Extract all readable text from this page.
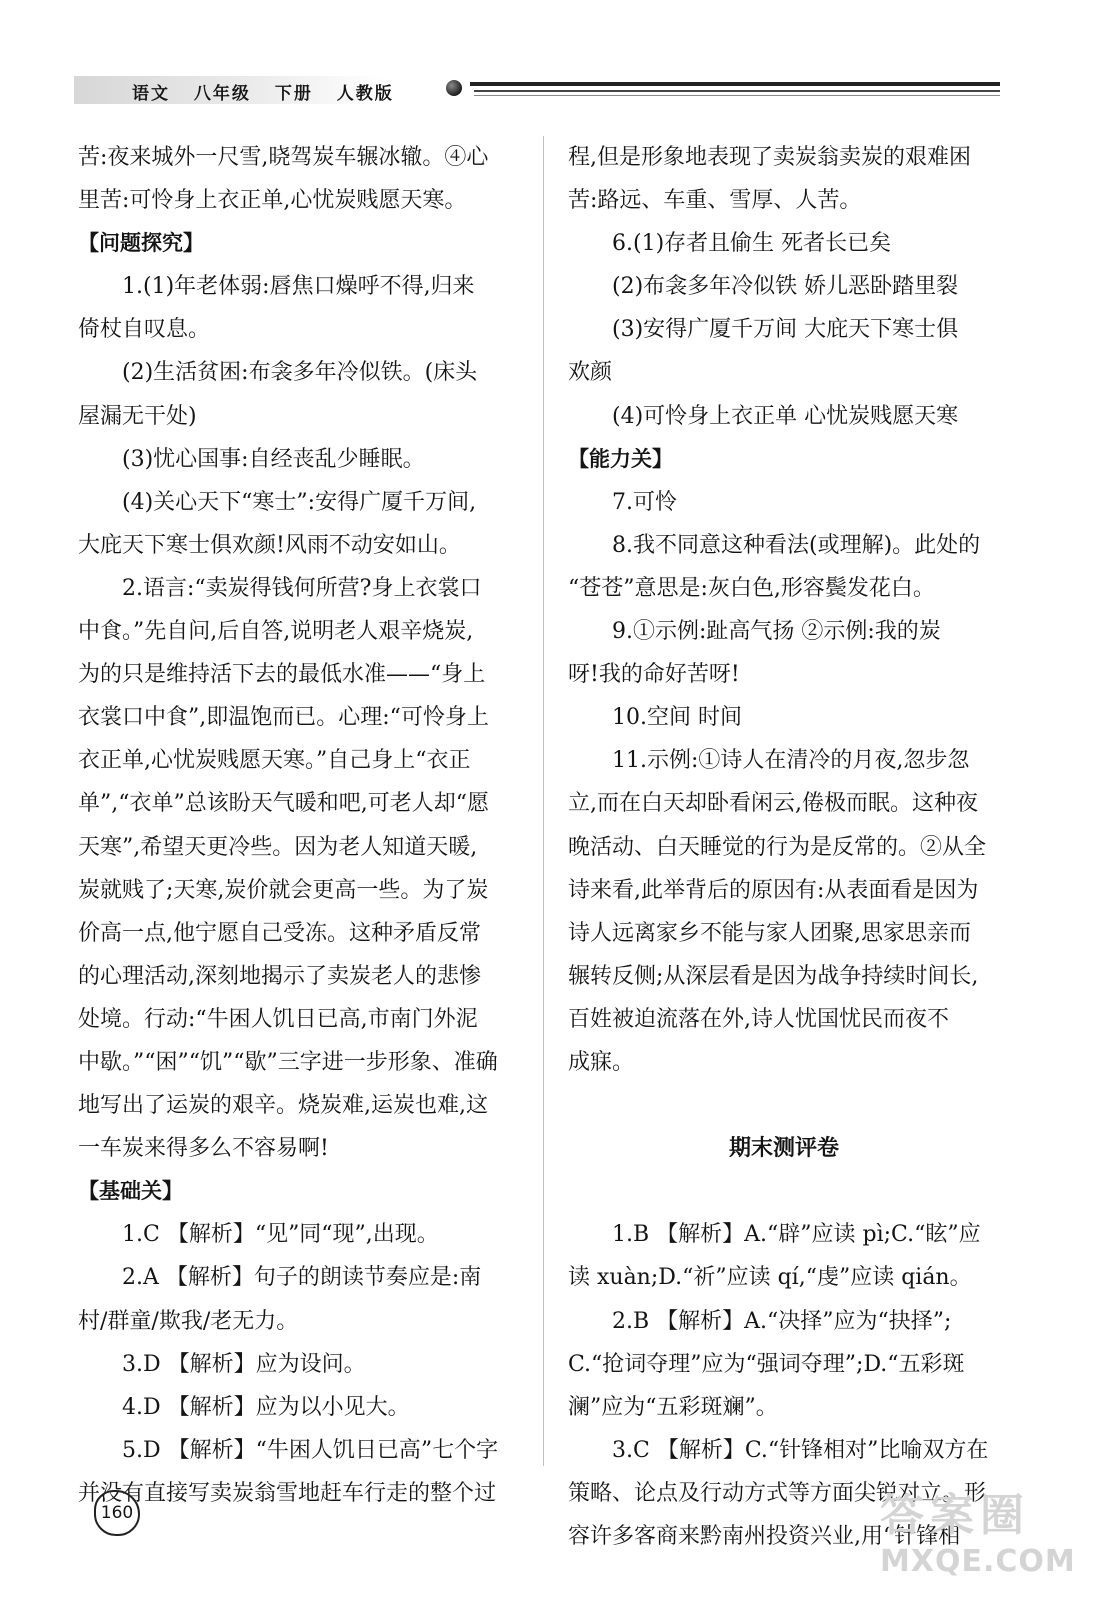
语文 八年级 下册 人教版
苦:夜来城外一尺雪,晓驾炭车辗冰辙。④心
里苦:可怜身上衣正单,心忧炭贱愿天寒。
【问题探究】
1.(1)年老体弱:唇焦口燥呼不得,归来
倚杖自叹息。
(2)生活贫困:布衾多年冷似铁。(床头
屋漏无干处)
(3)忧心国事:自经丧乱少睡眠。
(4)关心天下“寒士”:安得广厦千万间,
大庇天下寒士俱欢颜!风雨不动安如山。
2.语言:“卖炭得钱何所营?身上衣裳口
中食。”先自问,后自答,说明老人艰辛烧炭,
为的只是维持活下去的最低水准——“身上
衣裳口中食”,即温饱而已。心理:“可怜身上
衣正单,心忧炭贱愿天寒。”自己身上“衣正
单”,“衣单”总该盼天气暖和吧,可老人却“愿
天寒”,希望天更冷些。因为老人知道天暖,
炭就贱了;天寒,炭价就会更高一些。为了炭
价高一点,他宁愿自己受冻。这种矛盾反常
的心理活动,深刻地揭示了卖炭老人的悲惨
处境。行动:“牛困人饥日已高,市南门外泥
中歇。”“困”“饥”“歇”三字进一步形象、准确
地写出了运炭的艰辛。烧炭难,运炭也难,这
一车炭来得多么不容易啊!
【基础关】
1.C 【解析】“见”同“现”,出现。
2.A 【解析】句子的朗读节奏应是:南
村/群童/欺我/老无力。
3.D 【解析】应为设问。
4.D 【解析】应为以小见大。
5.D 【解析】“牛困人饥日已高”七个字
并没有直接写卖炭翁雪地赶车行走的整个过
程,但是形象地表现了卖炭翁卖炭的艰难困
苦:路远、车重、雪厚、人苦。
6.(1)存者且偷生 死者长已矣
(2)布衾多年冷似铁 娇儿恶卧踏里裂
(3)安得广厦千万间 大庇天下寒士俱
欢颜
(4)可怜身上衣正单 心忧炭贱愿天寒
【能力关】
7.可怜
8.我不同意这种看法(或理解)。此处的
“苍苍”意思是:灰白色,形容鬓发花白。
9.①示例:趾高气扬 ②示例:我的炭
呀!我的命好苦呀!
10.空间 时间
11.示例:①诗人在清冷的月夜,忽步忽
立,而在白天却卧看闲云,倦极而眠。这种夜
晚活动、白天睡觉的行为是反常的。②从全
诗来看,此举背后的原因有:从表面看是因为
诗人远离家乡不能与家人团聚,思家思亲而
辗转反侧;从深层看是因为战争持续时间长,
百姓被迫流落在外,诗人忧国忧民而夜不
成寐。
期末测评卷
1.B 【解析】A.“辟”应读 pì;C.“眩”应
读 xuàn;D.“祈”应读 qí,“虔”应读 qián。
2.B 【解析】A.“决择”应为“抉择”;
C.“抢词夺理”应为“强词夺理”;D.“五彩斑
澜”应为“五彩斑斓”。
3.C 【解析】C.“针锋相对”比喻双方在
策略、论点及行动方式等方面尖锐对立。形
容许多客商来黔南州投资兴业,用“针锋相
160	答案圈
MXQE.COM
